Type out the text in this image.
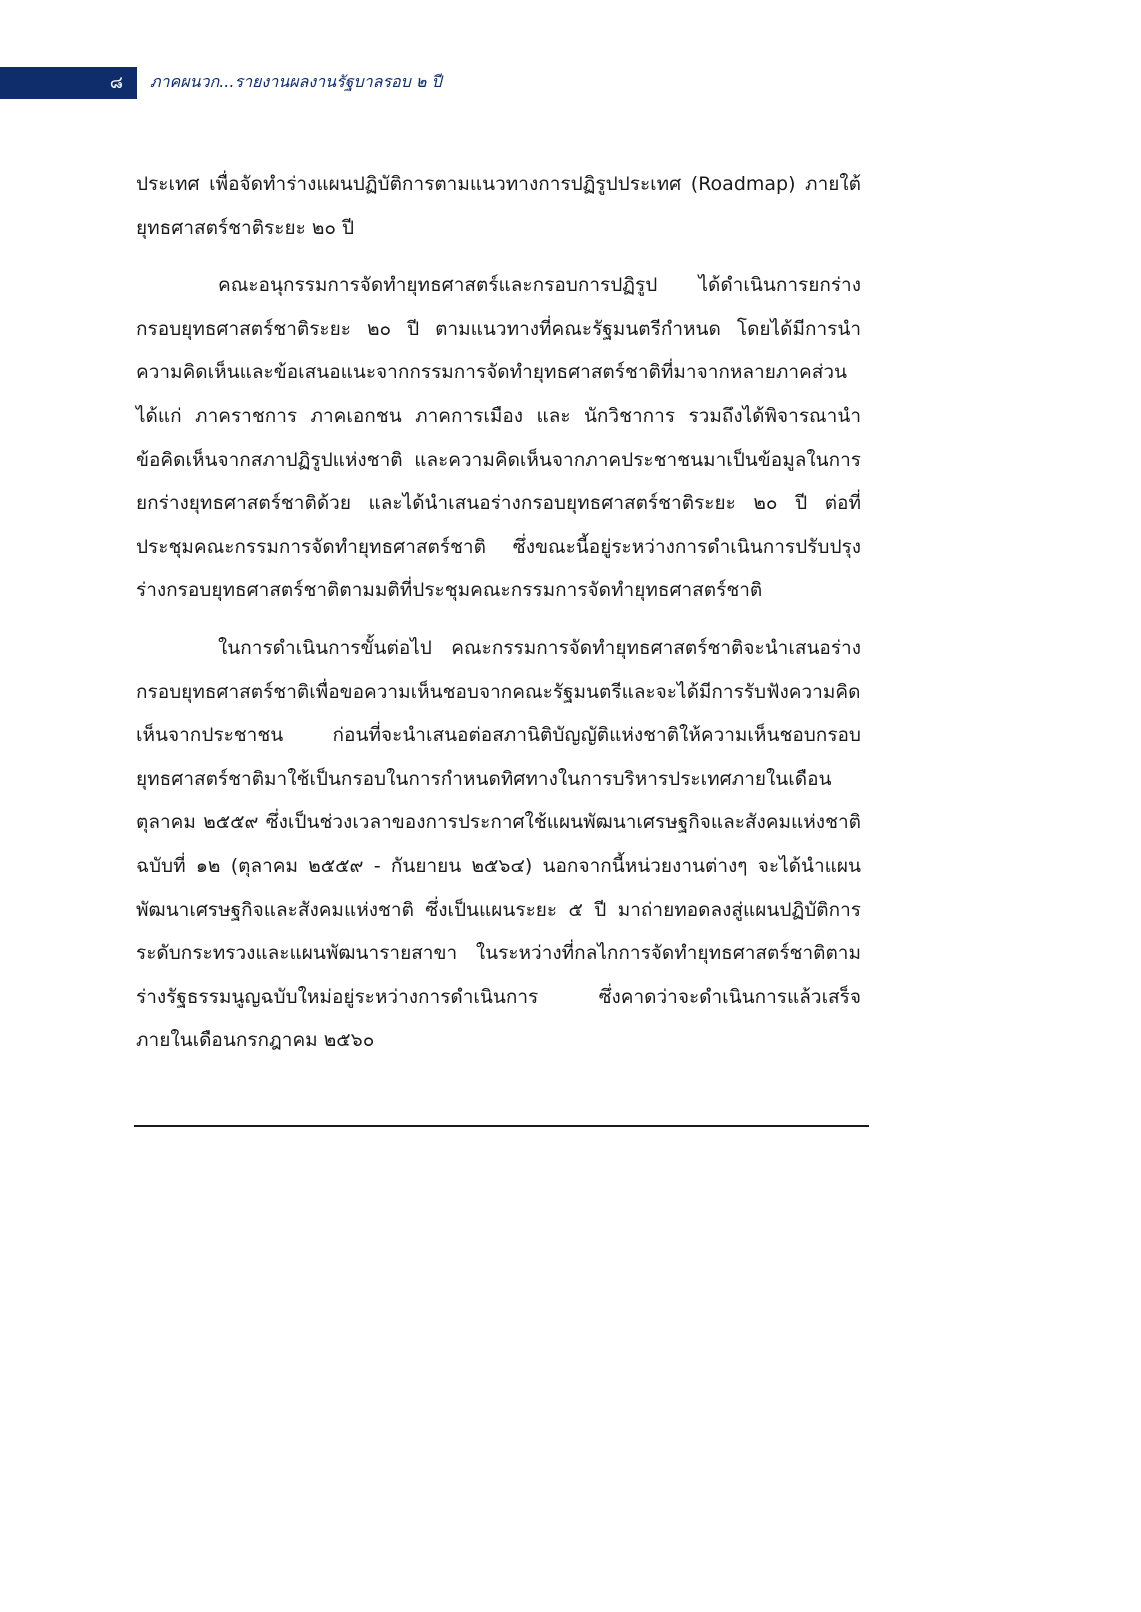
๘ ภาคผนวก...รายงานผลงานรัฐบาลรอบ ๒ ปี

ประเทศ เพื่อจัดทำร่างแผนปฏิบัติการตามแนวทางการปฏิรูปประเทศ (Roadmap) ภายใต้ยุทธศาสตร์ชาติระยะ ๒๐ ปี

คณะอนุกรรมการจัดทำยุทธศาสตร์และกรอบการปฏิรูป ได้ดำเนินการยกร่างกรอบยุทธศาสตร์ชาติระยะ ๒๐ ปี ตามแนวทางที่คณะรัฐมนตรีกำหนด โดยได้มีการนำความคิดเห็นและข้อเสนอแนะจากกรรมการจัดทำยุทธศาสตร์ชาติที่มาจากหลายภาคส่วน ได้แก่ ภาคราชการ ภาคเอกชน ภาคการเมือง และ นักวิชาการ รวมถึงได้พิจารณานำข้อคิดเห็นจากสภาปฏิรูปแห่งชาติ และความคิดเห็นจากภาคประชาชนมาเป็นข้อมูลในการยกร่างยุทธศาสตร์ชาติด้วย และได้นำเสนอร่างกรอบยุทธศาสตร์ชาติระยะ ๒๐ ปี ต่อที่ประชุมคณะกรรมการจัดทำยุทธศาสตร์ชาติ ซึ่งขณะนี้อยู่ระหว่างการดำเนินการปรับปรุงร่างกรอบยุทธศาสตร์ชาติตามมติที่ประชุมคณะกรรมการจัดทำยุทธศาสตร์ชาติ

ในการดำเนินการขั้นต่อไป คณะกรรมการจัดทำยุทธศาสตร์ชาติจะนำเสนอร่างกรอบยุทธศาสตร์ชาติเพื่อขอความเห็นชอบจากคณะรัฐมนตรีและจะได้มีการรับฟังความคิดเห็นจากประชาชน ก่อนที่จะนำเสนอต่อสภานิติบัญญัติแห่งชาติให้ความเห็นชอบกรอบยุทธศาสตร์ชาติมาใช้เป็นกรอบในการกำหนดทิศทางในการบริหารประเทศภายในเดือนตุลาคม ๒๕๕๙ ซึ่งเป็นช่วงเวลาของการประกาศใช้แผนพัฒนาเศรษฐกิจและสังคมแห่งชาติ ฉบับที่ ๑๒ (ตุลาคม ๒๕๕๙ - กันยายน ๒๕๖๔) นอกจากนี้หน่วยงานต่างๆ จะได้นำแผนพัฒนาเศรษฐกิจและสังคมแห่งชาติ ซึ่งเป็นแผนระยะ ๕ ปี มาถ่ายทอดลงสู่แผนปฏิบัติการระดับกระทรวงและแผนพัฒนารายสาขา ในระหว่างที่กลไกการจัดทำยุทธศาสตร์ชาติตามร่างรัฐธรรมนูญฉบับใหม่อยู่ระหว่างการดำเนินการ ซึ่งคาดว่าจะดำเนินการแล้วเสร็จภายในเดือนกรกฎาคม ๒๕๖๐
